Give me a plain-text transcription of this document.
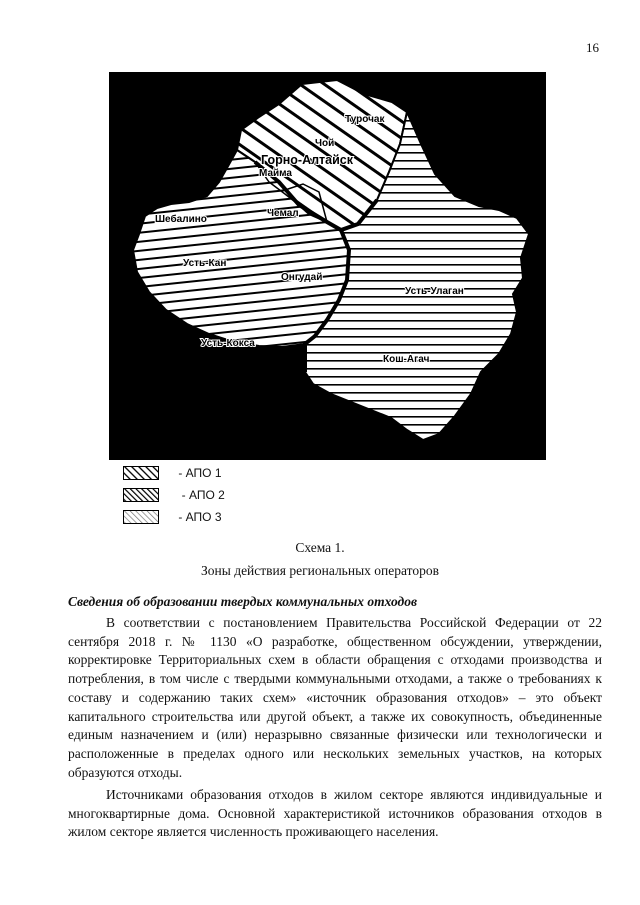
16
Турочак
Чой
Горно-Алтайск
Майма
Шебалино
Чемал
Усть-Кан
Онгудай
Усть-Улаган
Усть-Кокса
Кош-Агач
- АПО 1
- АПО 2
- АПО 3
Схема 1.
Зоны действия региональных операторов
Сведения об образовании твердых коммунальных отходов

В соответствии с постановлением Правительства Российской Федерации от 22 сентября 2018 г. № 1130 «О разработке, общественном обсуждении, утверждении, корректировке Территориальных схем в области обращения с отходами производства и потребления, в том числе с твердыми коммунальными отходами, а также о требованиях к составу и содержанию таких схем» «источник образования отходов» – это объект капитального строительства или другой объект, а также их совокупность, объединенные единым назначением и (или) неразрывно связанные физически или технологически и расположенные в пределах одного или нескольких земельных участков, на которых образуются отходы.

Источниками образования отходов в жилом секторе являются индивидуальные и многоквартирные дома. Основной характеристикой источников образования отходов в жилом секторе является численность проживающего населения.
